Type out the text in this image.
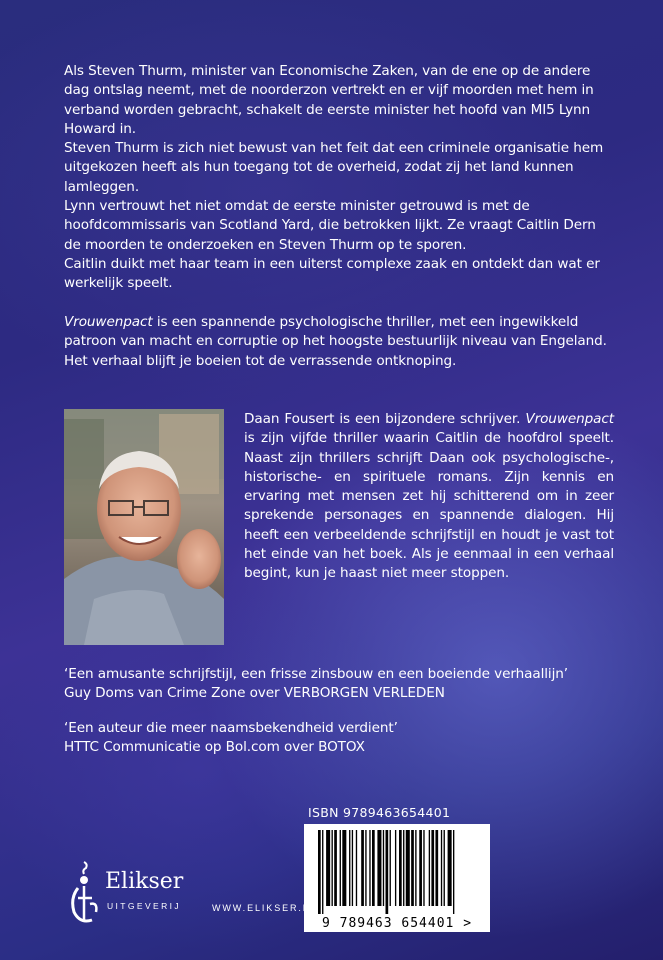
Als Steven Thurm, minister van Economische Zaken, van de ene op de andere dag ontslag neemt, met de noorderzon vertrekt en er vijf moorden met hem in verband worden gebracht, schakelt de eerste minister het hoofd van MI5 Lynn Howard in.

Steven Thurm is zich niet bewust van het feit dat een criminele organisatie hem uitgekozen heeft als hun toegang tot de overheid, zodat zij het land kunnen lamleggen.

Lynn vertrouwt het niet omdat de eerste minister getrouwd is met de hoofdcommissaris van Scotland Yard, die betrokken lijkt. Ze vraagt Caitlin Dern de moorden te onderzoeken en Steven Thurm op te sporen.

Caitlin duikt met haar team in een uiterst complexe zaak en ontdekt dan wat er werkelijk speelt.

Vrouwenpact is een spannende psychologische thriller, met een ingewikkeld patroon van macht en corruptie op het hoogste bestuurlijk niveau van Engeland. Het verhaal blijft je boeien tot de verrassende ontknoping.

Daan Fousert is een bijzondere schrijver. Vrouwenpact is zijn vijfde thriller waarin Caitlin de hoofdrol speelt. Naast zijn thrillers schrijft Daan ook psychologische-, historische- en spirituele romans. Zijn kennis en ervaring met mensen zet hij schitterend om in zeer sprekende personages en spannende dialogen. Hij heeft een verbeeldende schrijfstijl en houdt je vast tot het einde van het boek. Als je eenmaal in een verhaal begint, kun je haast niet meer stoppen.

‘Een amusante schrijfstijl, een frisse zinsbouw en een boeiende verhaallijn’

Guy Doms van Crime Zone over VERBORGEN VERLEDEN

‘Een auteur die meer naamsbekendheid verdient’

HTTC Communicatie op Bol.com over BOTOX

ISBN 9789463654401
9 789463 654401 >
Elikser
UITGEVERIJ	WWW.ELIKSER.NL
